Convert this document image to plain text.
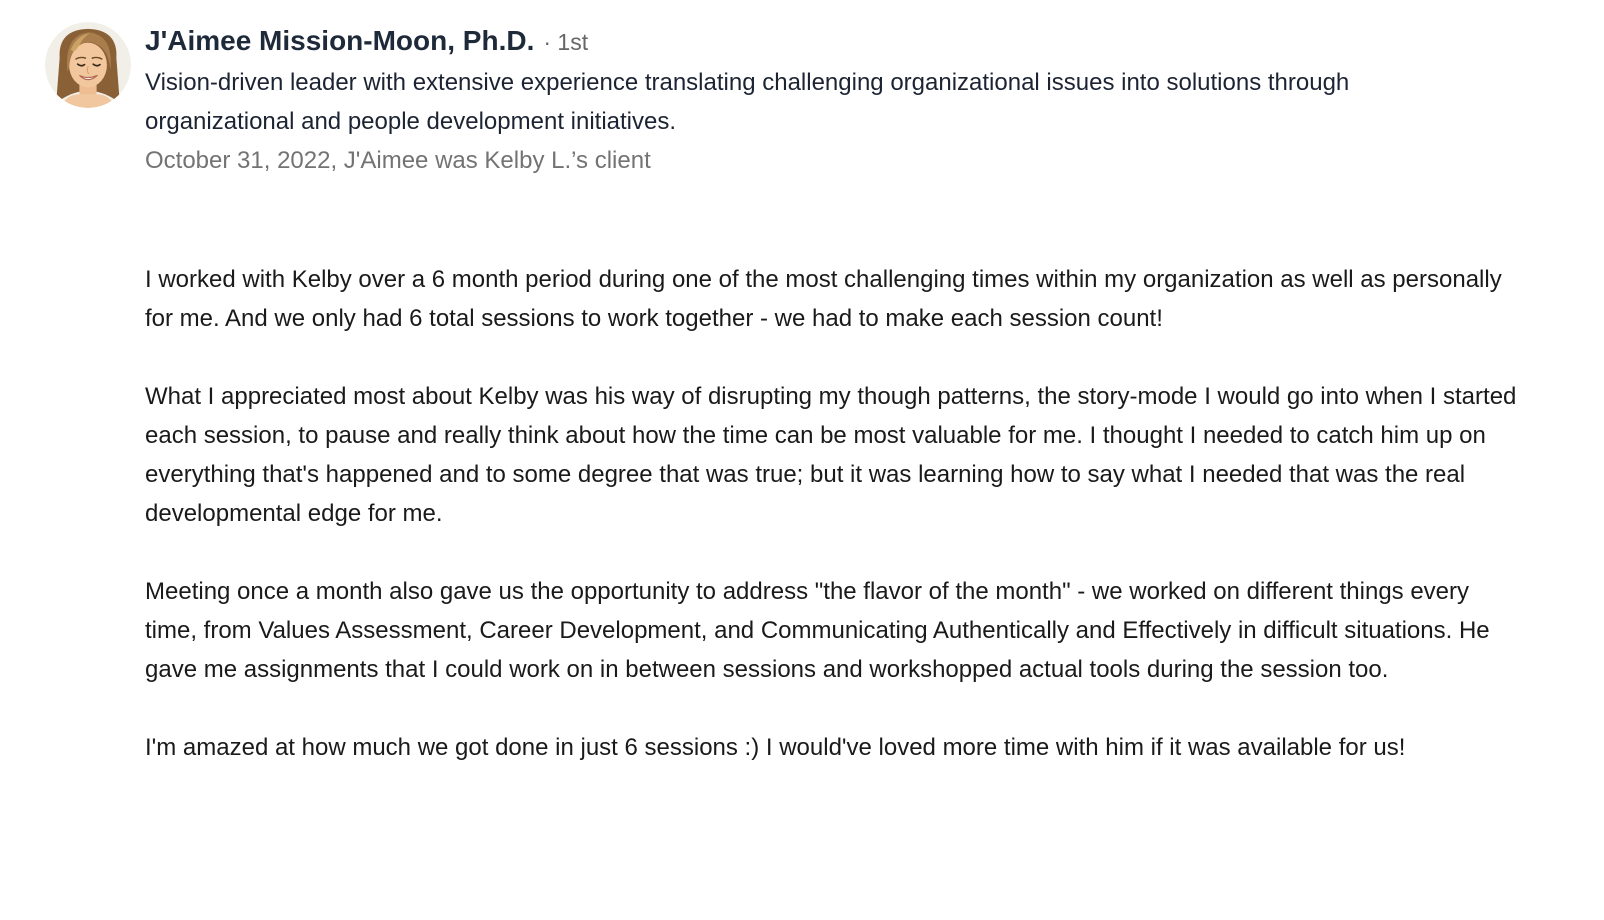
J'Aimee Mission-Moon, Ph.D. · 1st
Vision-driven leader with extensive experience translating challenging organizational issues into solutions through organizational and people development initiatives.
October 31, 2022, J'Aimee was Kelby L.’s client

I worked with Kelby over a 6 month period during one of the most challenging times within my organization as well as personally for me. And we only had 6 total sessions to work together - we had to make each session count!

What I appreciated most about Kelby was his way of disrupting my though patterns, the story-mode I would go into when I started each session, to pause and really think about how the time can be most valuable for me. I thought I needed to catch him up on everything that's happened and to some degree that was true; but it was learning how to say what I needed that was the real developmental edge for me.

Meeting once a month also gave us the opportunity to address "the flavor of the month" - we worked on different things every time, from Values Assessment, Career Development, and Communicating Authentically and Effectively in difficult situations. He gave me assignments that I could work on in between sessions and workshopped actual tools during the session too.

I'm amazed at how much we got done in just 6 sessions :) I would've loved more time with him if it was available for us!
